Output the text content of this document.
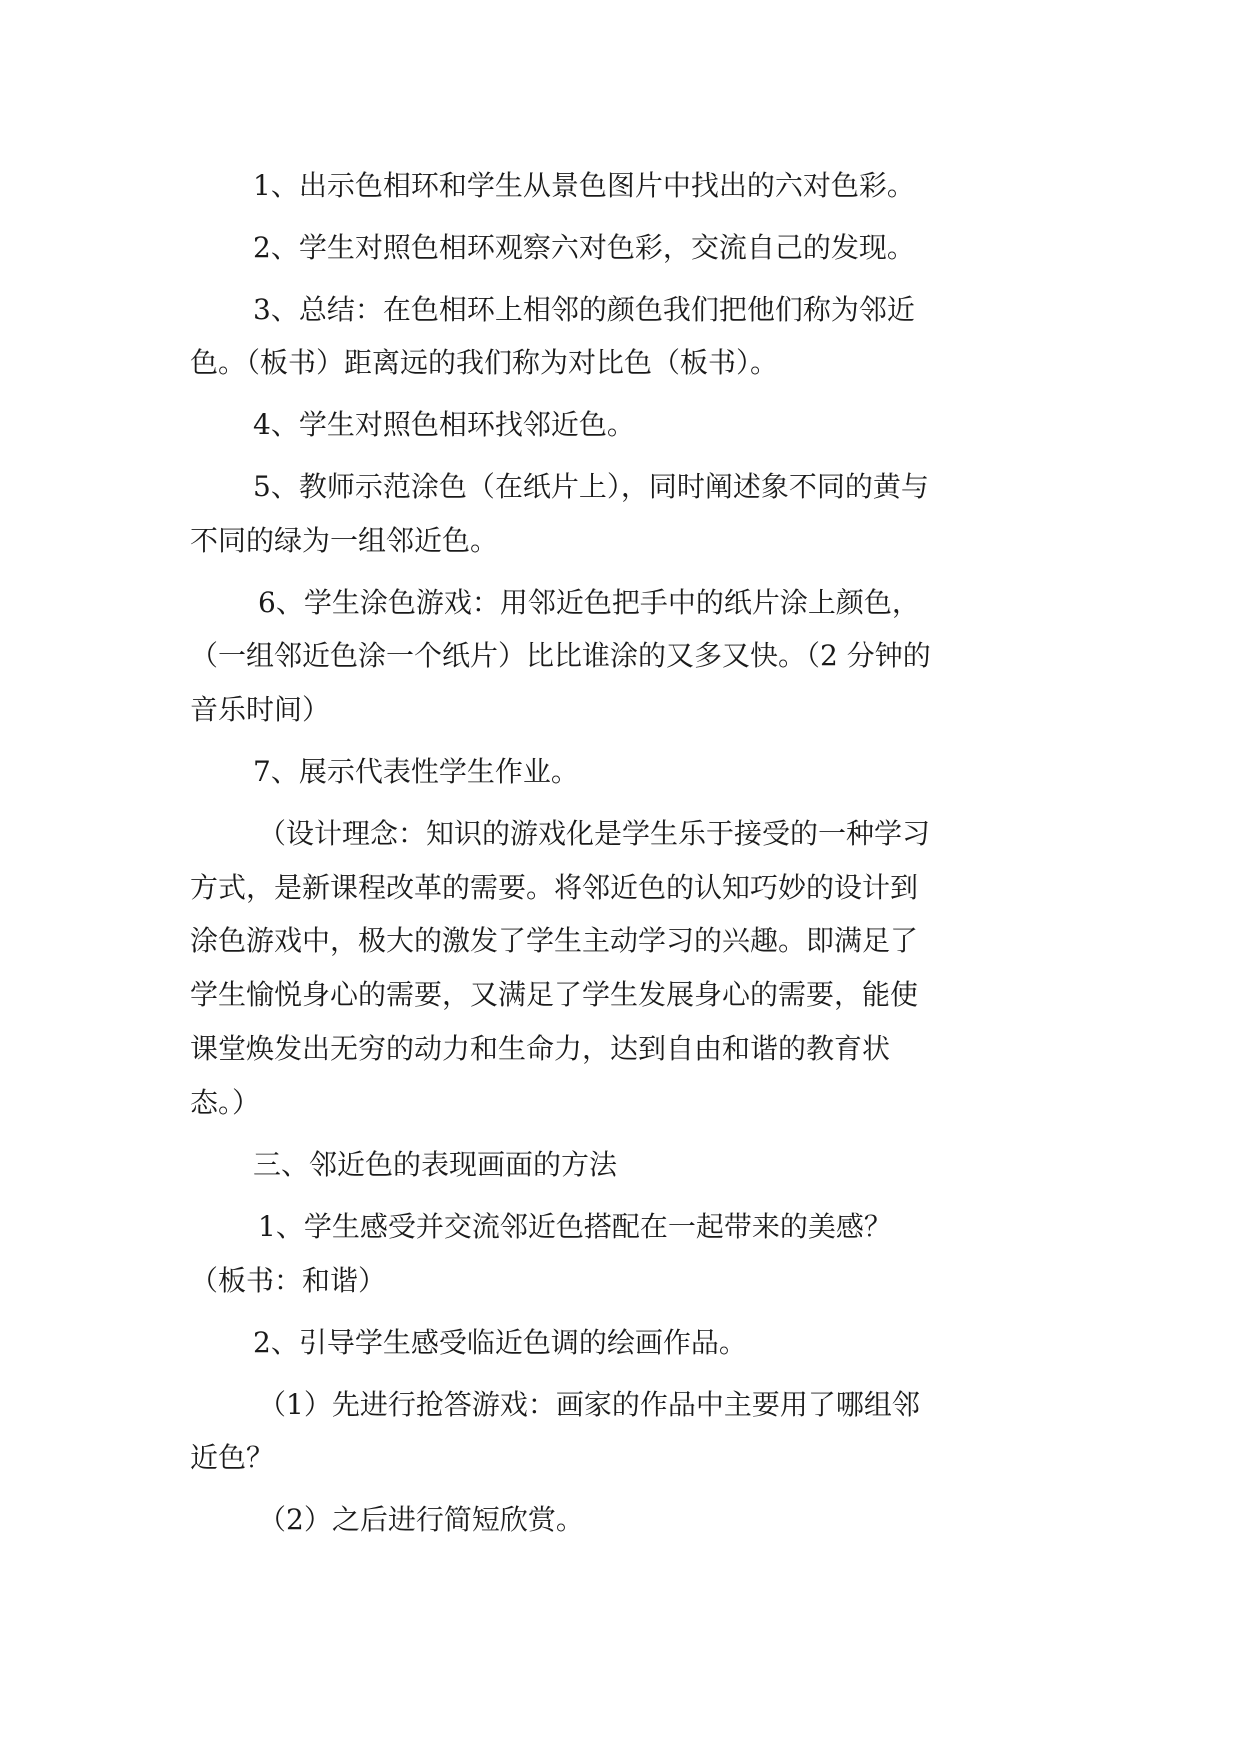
1、出示色相环和学生从景色图片中找出的六对色彩。
2、学生对照色相环观察六对色彩，交流自己的发现。
3、总结：在色相环上相邻的颜色我们把他们称为邻近
色。（板书）距离远的我们称为对比色（板书）。
4、学生对照色相环找邻近色。
5、教师示范涂色（在纸片上），同时阐述象不同的黄与
不同的绿为一组邻近色。
6、学生涂色游戏：用邻近色把手中的纸片涂上颜色，
（一组邻近色涂一个纸片）比比谁涂的又多又快。（2 分钟的
音乐时间）
7、展示代表性学生作业。
（设计理念：知识的游戏化是学生乐于接受的一种学习
方式，是新课程改革的需要。将邻近色的认知巧妙的设计到
涂色游戏中，极大的激发了学生主动学习的兴趣。即满足了
学生愉悦身心的需要，又满足了学生发展身心的需要，能使
课堂焕发出无穷的动力和生命力，达到自由和谐的教育状
态。）
三、邻近色的表现画面的方法
1、学生感受并交流邻近色搭配在一起带来的美感？
（板书：和谐）
2、引导学生感受临近色调的绘画作品。
（1）先进行抢答游戏：画家的作品中主要用了哪组邻
近色？
（2）之后进行简短欣赏。
